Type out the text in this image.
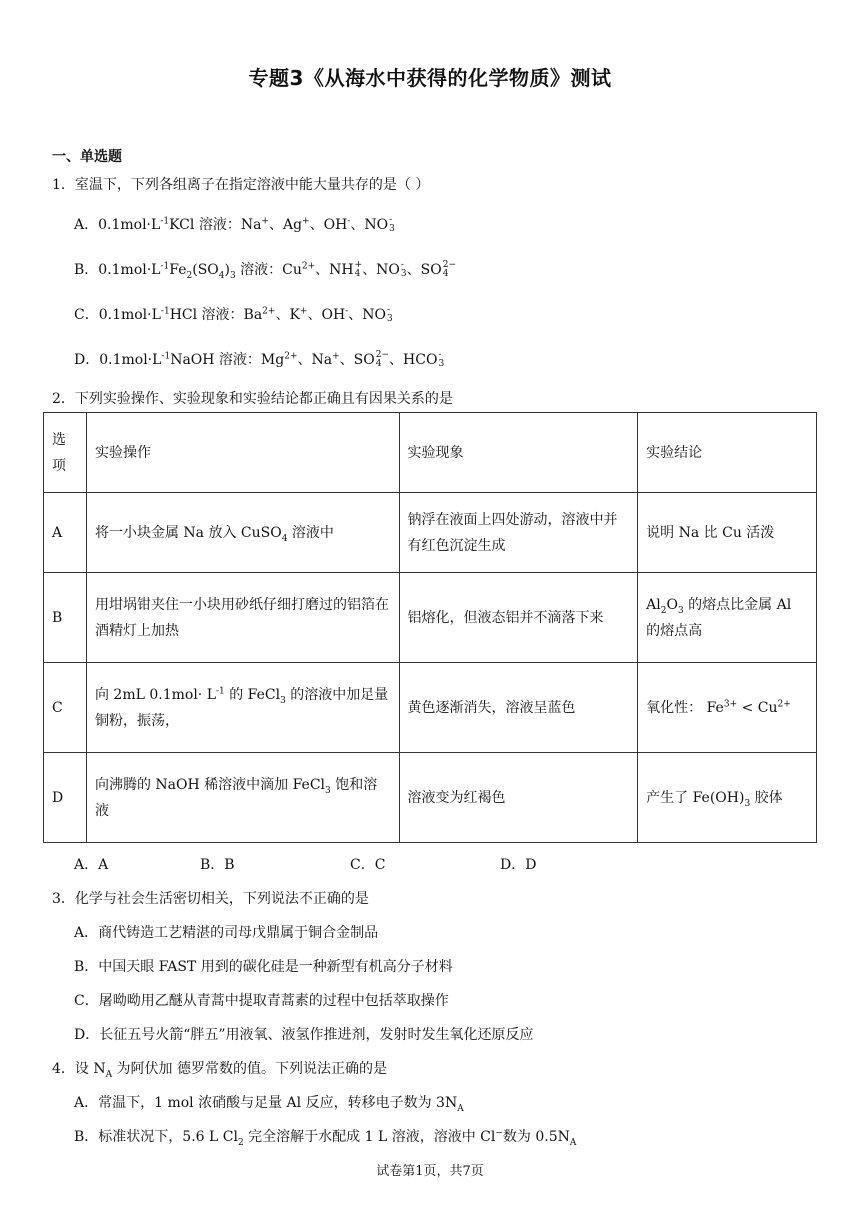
专题3《从海水中获得的化学物质》测试
一、单选题
1．室温下，下列各组离子在指定溶液中能大量共存的是（ ）
A．$0.1mol\cdot L^{-1}KCl$ 溶液：Na+、Ag+、OH-、NO -
3
B．$0.1mol\cdot L^{-1}Fe_2(SO_4)_3$ 溶液：$Cu^{2+}$、NH +
4 、NO -
3 、SO 2−
4
C．$0.1mol\cdot L^{-1}HCl$ 溶液：$Ba^{2+}$、K+、OH-、NO -
3
D．$0.1mol\cdot L^{-1}NaOH$ 溶液：$Mg^{2+}$、Na+、SO 2−
4 、HCO -
3
2．下列实验操作、实验现象和实验结论都正确且有因果关系的是
选项	实验操作	实验现象	实验结论
A	将一小块金属 Na 放入 CuSO$_4$ 溶液中	钠浮在液面上四处游动，溶液中并有红色沉淀生成	说明 Na 比 Cu 活泼
B	用坩埚钳夹住一小块用砂纸仔细打磨过的铝箔在酒精灯上加热	铝熔化，但液态铝并不滴落下来	$Al_2O_3$ 的熔点比金属 Al 的熔点高
C	向 2mL $0.1mol\cdot L^{-1}$ 的 FeCl$_3$ 的溶液中加足量铜粉，振荡，	黄色逐渐消失，溶液呈蓝色	氧化性： $Fe^{3+} < Cu^{2+}$
D	向沸腾的 NaOH 稀溶液中滴加 FeCl$_3$ 饱和溶液	溶液变为红褐色	产生了 $Fe(OH)_3$ 胶体
A．A	B．B	C．C	D．D
3．化学与社会生活密切相关，下列说法不正确的是
A．商代铸造工艺精湛的司母戊鼎属于铜合金制品
B．中国天眼 FAST 用到的碳化硅是一种新型有机高分子材料
C．屠呦呦用乙醚从青蒿中提取青蒿素的过程中包括萃取操作
D．长征五号火箭“胖五”用液氧、液氢作推进剂，发射时发生氧化还原反应
4．设 $N_A$ 为阿伏加 德罗常数的值。下列说法正确的是
A．常温下，1 mol 浓硝酸与足量 Al 反应，转移电子数为 $3N_A$
B．标准状况下，5.6 L $Cl_2$ 完全溶解于水配成 1 L 溶液，溶液中 Cl−数为 $0.5N_A$
试卷第1页，共7页
